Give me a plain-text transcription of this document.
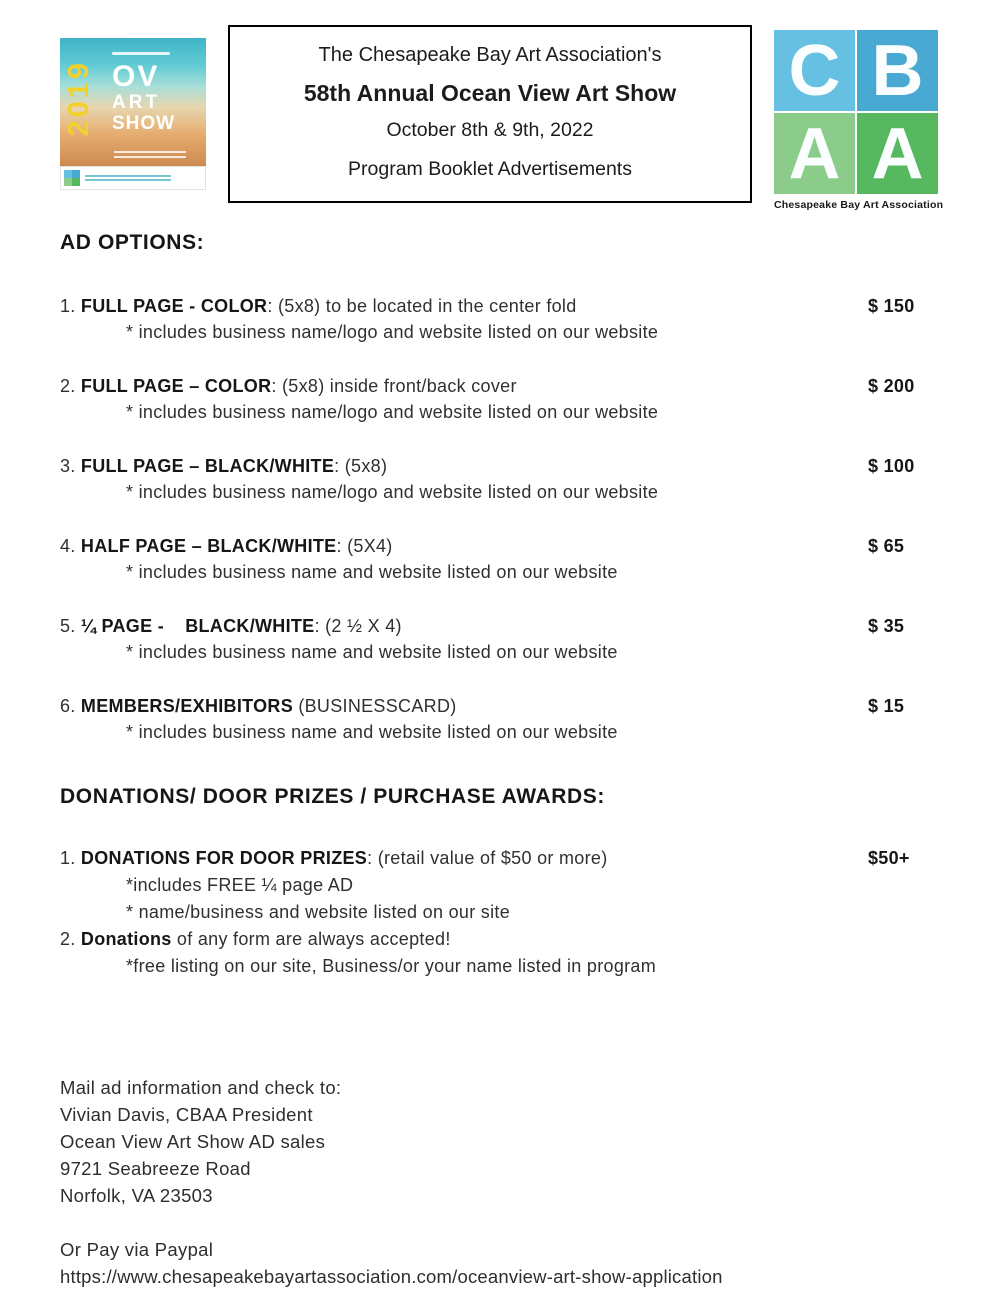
2019 OV
ART
SHOW
The Chesapeake Bay Art Association's
58th Annual Ocean View Art Show
October 8th & 9th, 2022
Program Booklet Advertisements
C B
A A
Chesapeake Bay Art Association
AD OPTIONS:
1. FULL PAGE - COLOR: (5x8) to be located in the center fold	$ 150
* includes business name/logo and website listed on our website
2. FULL PAGE – COLOR: (5x8) inside front/back cover	$ 200
* includes business name/logo and website listed on our website
3. FULL PAGE – BLACK/WHITE: (5x8)	$ 100
* includes business name/logo and website listed on our website
4. HALF PAGE – BLACK/WHITE: (5X4)	$ 65
* includes business name and website listed on our website
5. ¼ PAGE -    BLACK/WHITE: (2 ½ X 4)	$ 35
* includes business name and website listed on our website
6. MEMBERS/EXHIBITORS (BUSINESSCARD)	$ 15
* includes business name and website listed on our website
DONATIONS/ DOOR PRIZES / PURCHASE AWARDS:
1. DONATIONS FOR DOOR PRIZES: (retail value of $50 or more)	$50+
*includes FREE ¼ page AD
* name/business and website listed on our site
2. Donations of any form are always accepted!
*free listing on our site, Business/or your name listed in program
Mail ad information and check to:
Vivian Davis, CBAA President
Ocean View Art Show AD sales
9721 Seabreeze Road
Norfolk, VA 23503
Or Pay via Paypal
https://www.chesapeakebayartassociation.com/oceanview-art-show-application
